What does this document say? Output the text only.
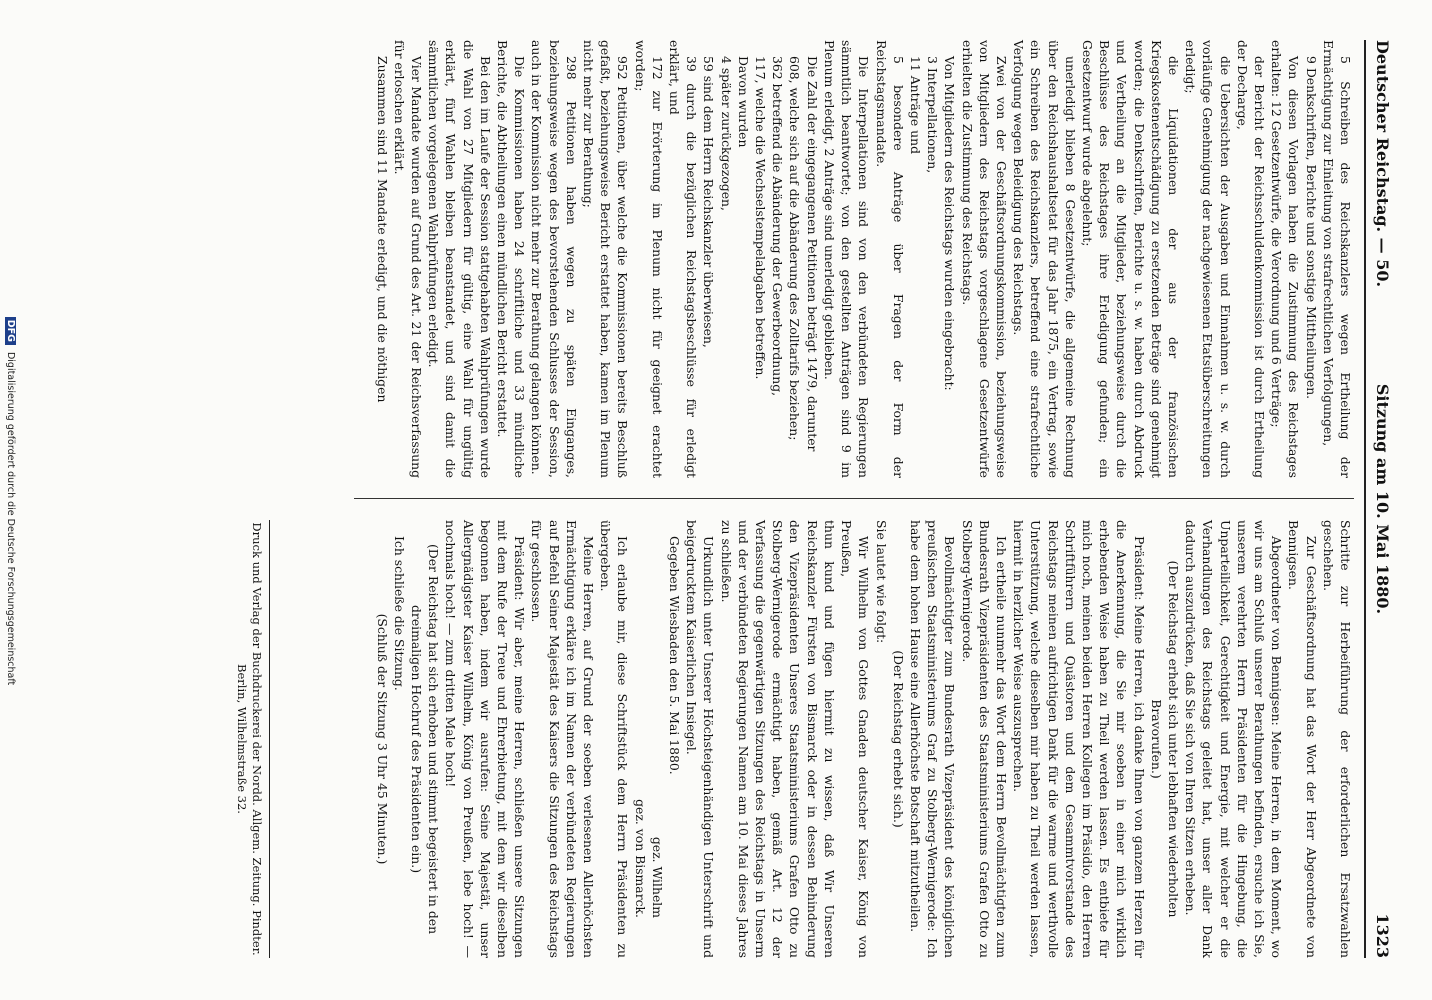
Deutscher Reichstag. — 50.
Sitzung am 10. Mai 1880.
1323

5 Schreiben des Reichskanzlers wegen Ertheilung der Ermächtigung zur Einleitung von strafrechtlichen Verfolgungen,

9 Denkschriften, Berichte und sonstige Mittheilungen.

Von diesen Vorlagen haben die Zustimmung des Reichstages erhalten: 12 Gesetzentwürfe, die Verordnung und 6 Verträge;

der Bericht der Reichsschuldenkommission ist durch Ertheilung der Decharge,

die Uebersichten der Ausgaben und Einnahmen u. s. w. durch vorläufige Genehmigung der nachgewiesenen Etatsüberschreitungen erledigt;

die Liquidationen der aus der französischen Kriegskostenentschädigung zu ersetzenden Beträge sind genehmigt worden; die Denkschriften, Berichte u. s. w. haben durch Abdruck und Vertheilung an die Mitglieder, beziehungsweise durch die Beschlüsse des Reichstages ihre Erledigung gefunden; ein Gesetzentwurf wurde abgelehnt;

unerledigt blieben 8 Gesetzentwürfe, die allgemeine Rechnung über den Reichshaushaltsetat für das Jahr 1875, ein Vertrag, sowie ein Schreiben des Reichskanzlers, betreffend eine strafrechtliche Verfolgung wegen Beleidigung des Reichstags.

Zwei von der Geschäftsordnungskommission, beziehungsweise von Mitgliedern des Reichstags vorgeschlagene Gesetzentwürfe erhielten die Zustimmung des Reichstags.

Von Mitgliedern des Reichstags wurden eingebracht:

3 Interpellationen,

11 Anträge und

5 besondere Anträge über Fragen der Form der Reichstagsmandate.

Die Interpellationen sind von den verbündeten Regierungen sämmtlich beantwortet; von den gestellten Anträgen sind 9 im Plenum erledigt, 2 Anträge sind unerledigt geblieben.

Die Zahl der eingegangenen Petitionen beträgt 1479, darunter

608, welche sich auf die Abänderung des Zolltarifs beziehen;

362 betreffend die Abänderung der Gewerbeordnung,

117, welche die Wechselstempelabgaben betreffen.

Davon wurden

4 später zurückgezogen,

59 sind dem Herrn Reichskanzler überwiesen,

39 durch die bezüglichen Reichstagsbeschlüsse für erledigt erklärt, und

172 zur Erörterung im Plenum nicht für geeignet erachtet worden;

952 Petitionen, über welche die Kommissionen bereits Beschluß gefaßt, beziehungsweise Bericht erstattet haben, kamen im Plenum nicht mehr zur Berathung;

298 Petitionen haben wegen zu späten Einganges, beziehungsweise wegen des bevorstehenden Schlusses der Session, auch in der Kommission nicht mehr zur Berathung gelangen können.

Die Kommissionen haben 24 schriftliche und 33 mündliche Berichte, die Abtheilungen einen mündlichen Bericht erstattet.

Bei den im Laufe der Session stattgehabten Wahlprüfungen wurde die Wahl von 27 Mitgliedern für gültig, eine Wahl für ungültig erklärt, fünf Wahlen bleiben beanstandet, und sind damit die sämmtlichen vorgelegenen Wahlprüfungen erledigt.

Vier Mandate wurden auf Grund des Art. 21 der Reichsverfassung für erloschen erklärt.

Zusammen sind 11 Mandate erledigt, und die nöthigen

Schritte zur Herbeiführung der erforderlichen Ersatzwahlen geschehen.

Zur Geschäftsordnung hat das Wort der Herr Abgeordnete von Bennigsen.

Abgeordneter von Bennigsen: Meine Herren, in dem Moment, wo wir uns am Schluß unserer Berathungen befinden, ersuche ich Sie, unserem verehrten Herrn Präsidenten für die Hingebung, die Unparteilichkeit, Gerechtigkeit und Energie, mit welcher er die Verhandlungen des Reichstags geleitet hat, unser aller Dank dadurch auszudrücken, daß Sie sich von Ihren Sitzen erheben.

(Der Reichstag erhebt sich unter lebhaften wiederholten Bravorufen.)

Präsident: Meine Herren, ich danke Ihnen von ganzem Herzen für die Anerkennung, die Sie mir soeben in einer mich wirklich erhebenden Weise haben zu Theil werden lassen. Es entbiete für mich noch, meinen beiden Herren Kollegen im Präsidio, den Herren Schriftführern und Quästoren und dem Gesammtvorstande des Reichstags meinen aufrichtigen Dank für die warme und werthvolle Unterstützung, welche dieselben mir haben zu Theil werden lassen, hiermit in herzlicher Weise auszusprechen.

Ich ertheile nunmehr das Wort dem Herrn Bevollmächtigten zum Bundesrath Vizepräsidenten des Staatsministeriums Grafen Otto zu Stolberg-Wernigerode.

Bevollmächtigter zum Bundesrath Vizepräsident des königlichen preußischen Staatsministeriums Graf zu Stolberg-Wernigerode: Ich habe dem hohen Hause eine Allerhöchste Botschaft mitzutheilen.

(Der Reichstag erhebt sich.)

Sie lautet wie folgt:

Wir Wilhelm von Gottes Gnaden deutscher Kaiser, König von Preußen,

thun kund und fügen hiermit zu wissen, daß Wir Unseren Reichskanzler Fürsten von Bismarck oder in dessen Behinderung den Vizepräsidenten Unseres Staatsministeriums Grafen Otto zu Stolberg-Wernigerode ermächtigt haben, gemäß Art. 12 der Verfassung die gegenwärtigen Sitzungen des Reichstags in Unserm und der verbündeten Regierungen Namen am 10. Mai dieses Jahres zu schließen.

Urkundlich unter Unserer Höchsteigenhändigen Unterschrift und beigedrucktem Kaiserlichen Insiegel.

Gegeben Wiesbaden den 5. Mai 1880.

gez. Wilhelm

gez. von Bismarck.

Ich erlaube mir, diese Schriftstück dem Herrn Präsidenten zu übergeben.

Meine Herren, auf Grund der soeben verlesenen Allerhöchsten Ermächtigung erkläre ich im Namen der verbündeten Regierungen auf Befehl Seiner Majestät des Kaisers die Sitzungen des Reichstags für geschlossen.

Präsident: Wir aber, meine Herren, schließen unsere Sitzungen mit dem Rufe der Treue und Ehrerbietung, mit dem wir dieselben begonnen haben, indem wir ausrufen: Seine Majestät, unser Allergnädigster Kaiser Wilhelm, König von Preußen, lebe hoch! — nochmals hoch! — zum dritten Male hoch!

(Der Reichstag hat sich erhoben und stimmt begeistert in den dreimaligen Hochruf des Präsidenten ein.)

Ich schließe die Sitzung.

(Schluß der Sitzung 3 Uhr 45 Minuten.)

Druck und Verlag der Buchdruckerei der Nordd. Allgem. Zeitung. Pindter. Berlin, Wilhelmstraße 32.
DFG Digitalisierung gefördert durch die Deutsche Forschungsgemeinschaft
